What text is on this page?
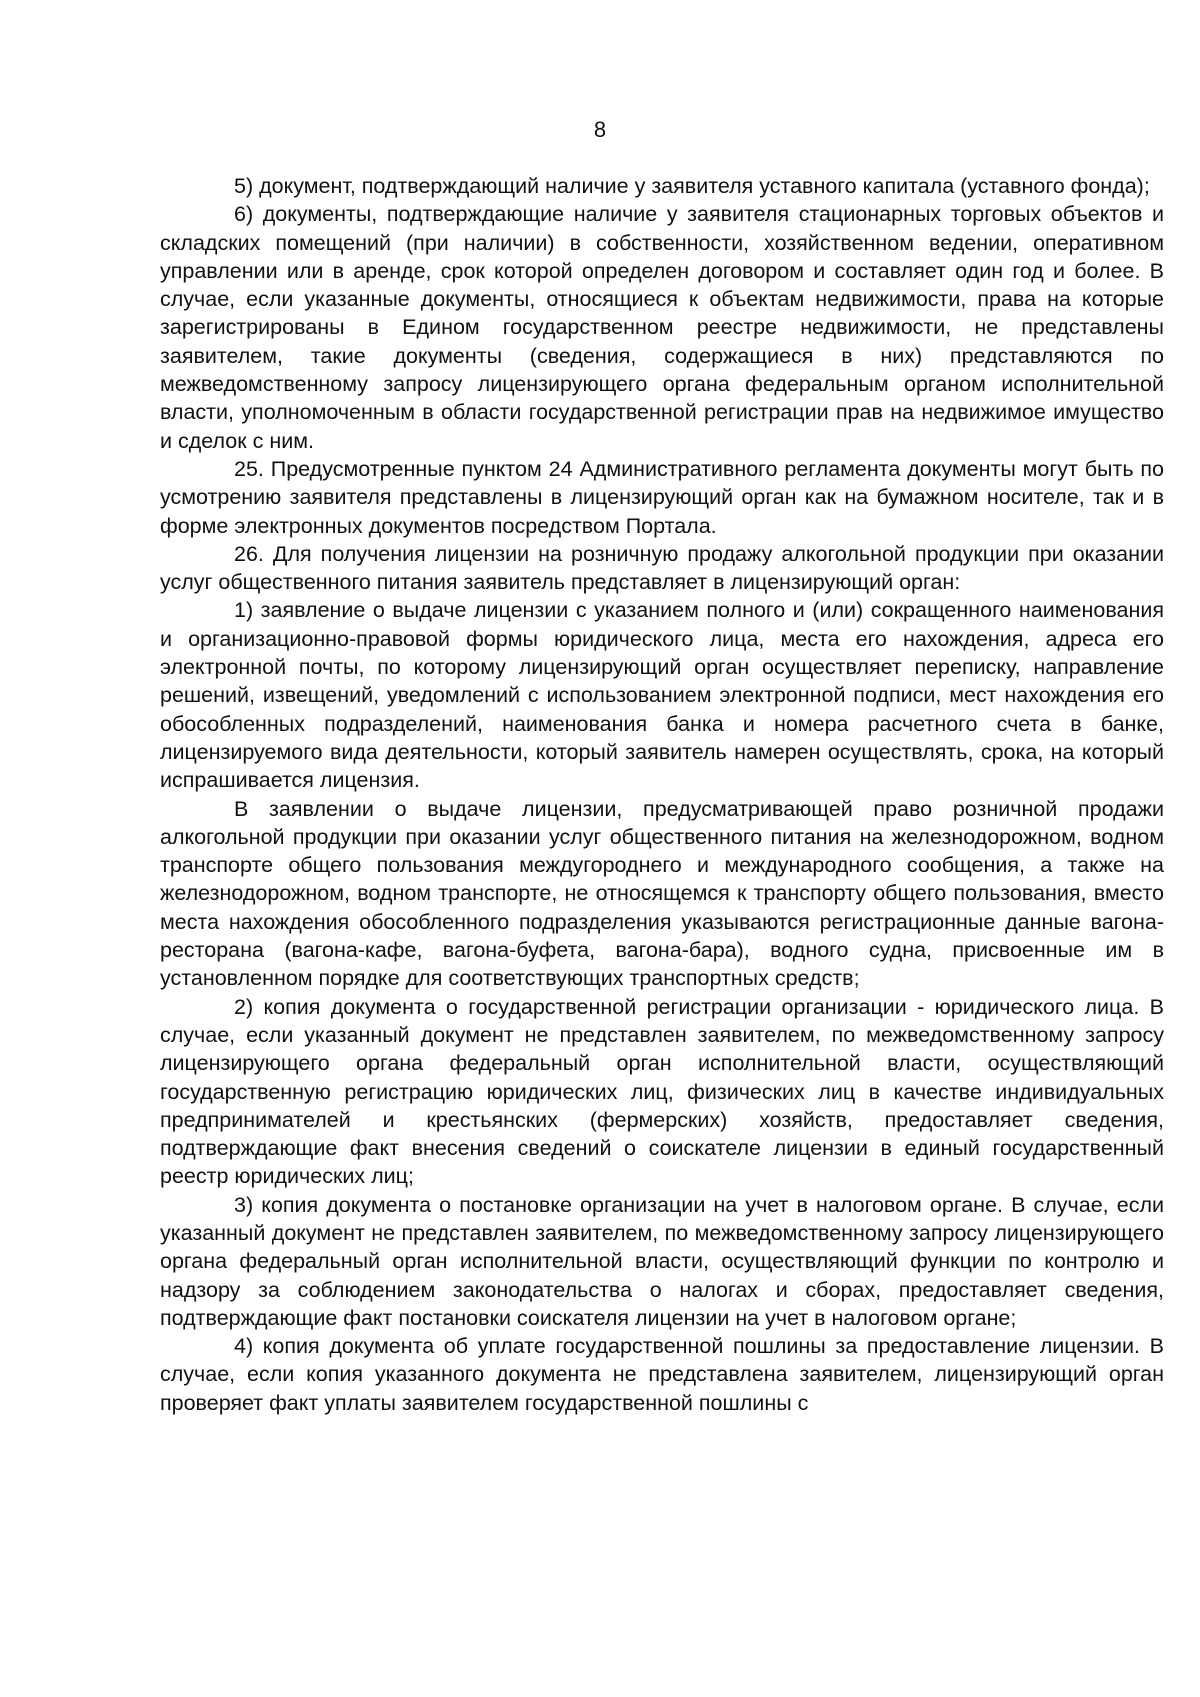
8

5) документ, подтверждающий наличие у заявителя уставного капитала (уставного фонда);

6) документы, подтверждающие наличие у заявителя стационарных торговых объектов и складских помещений (при наличии) в собственности, хозяйственном ведении, оперативном управлении или в аренде, срок которой определен договором и составляет один год и более. В случае, если указанные документы, относящиеся к объектам недвижимости, права на которые зарегистрированы в Едином государственном реестре недвижимости, не представлены заявителем, такие документы (сведения, содержащиеся в них) представляются по межведомственному запросу лицензирующего органа федеральным органом исполнительной власти, уполномоченным в области государственной регистрации прав на недвижимое имущество и сделок с ним.

25. Предусмотренные пунктом 24 Административного регламента документы могут быть по усмотрению заявителя представлены в лицензирующий орган как на бумажном носителе, так и в форме электронных документов посредством Портала.

26. Для получения лицензии на розничную продажу алкогольной продукции при оказании услуг общественного питания заявитель представляет в лицензирующий орган:

1) заявление о выдаче лицензии с указанием полного и (или) сокращенного наименования и организационно-правовой формы юридического лица, места его нахождения, адреса его электронной почты, по которому лицензирующий орган осуществляет переписку, направление решений, извещений, уведомлений с использованием электронной подписи, мест нахождения его обособленных подразделений, наименования банка и номера расчетного счета в банке, лицензируемого вида деятельности, который заявитель намерен осуществлять, срока, на который испрашивается лицензия.

В заявлении о выдаче лицензии, предусматривающей право розничной продажи алкогольной продукции при оказании услуг общественного питания на железнодорожном, водном транспорте общего пользования междугороднего и международного сообщения, а также на железнодорожном, водном транспорте, не относящемся к транспорту общего пользования, вместо места нахождения обособленного подразделения указываются регистрационные данные вагона-ресторана (вагона-кафе, вагона-буфета, вагона-бара), водного судна, присвоенные им в установленном порядке для соответствующих транспортных средств;

2) копия документа о государственной регистрации организации - юридического лица. В случае, если указанный документ не представлен заявителем, по межведомственному запросу лицензирующего органа федеральный орган исполнительной власти, осуществляющий государственную регистрацию юридических лиц, физических лиц в качестве индивидуальных предпринимателей и крестьянских (фермерских) хозяйств, предоставляет сведения, подтверждающие факт внесения сведений о соискателе лицензии в единый государственный реестр юридических лиц;

3) копия документа о постановке организации на учет в налоговом органе. В случае, если указанный документ не представлен заявителем, по межведомственному запросу лицензирующего органа федеральный орган исполнительной власти, осуществляющий функции по контролю и надзору за соблюдением законодательства о налогах и сборах, предоставляет сведения, подтверждающие факт постановки соискателя лицензии на учет в налоговом органе;

4) копия документа об уплате государственной пошлины за предоставление лицензии. В случае, если копия указанного документа не представлена заявителем, лицензирующий орган проверяет факт уплаты заявителем государственной пошлины с
